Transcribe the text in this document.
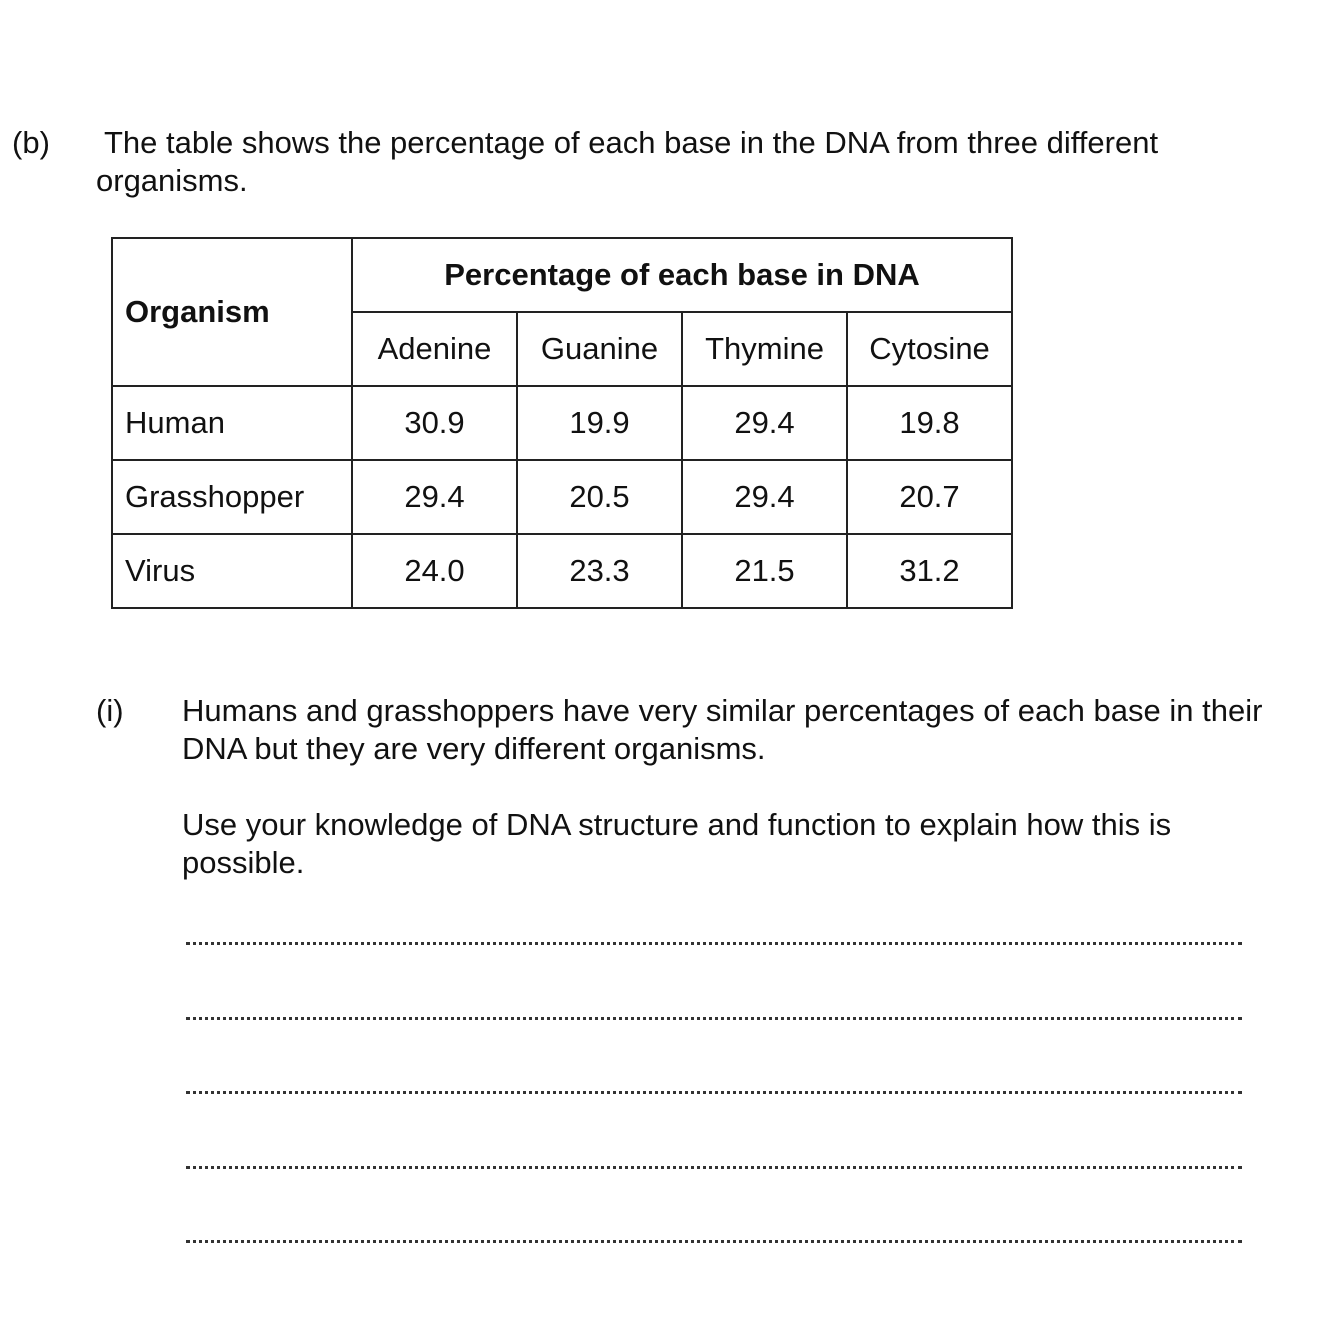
(b) The table shows the percentage of each base in the DNA from three different
organisms.
Organism	Percentage of each base in DNA			
	Adenine	Guanine	Thymine	Cytosine
Human	30.9	19.9	29.4	19.8
Grasshopper	29.4	20.5	29.4	20.7
Virus	24.0	23.3	21.5	31.2
(i) Humans and grasshoppers have very similar percentages of each base in their DNA but they are very different organisms.

Use your knowledge of DNA structure and function to explain how this is possible.
